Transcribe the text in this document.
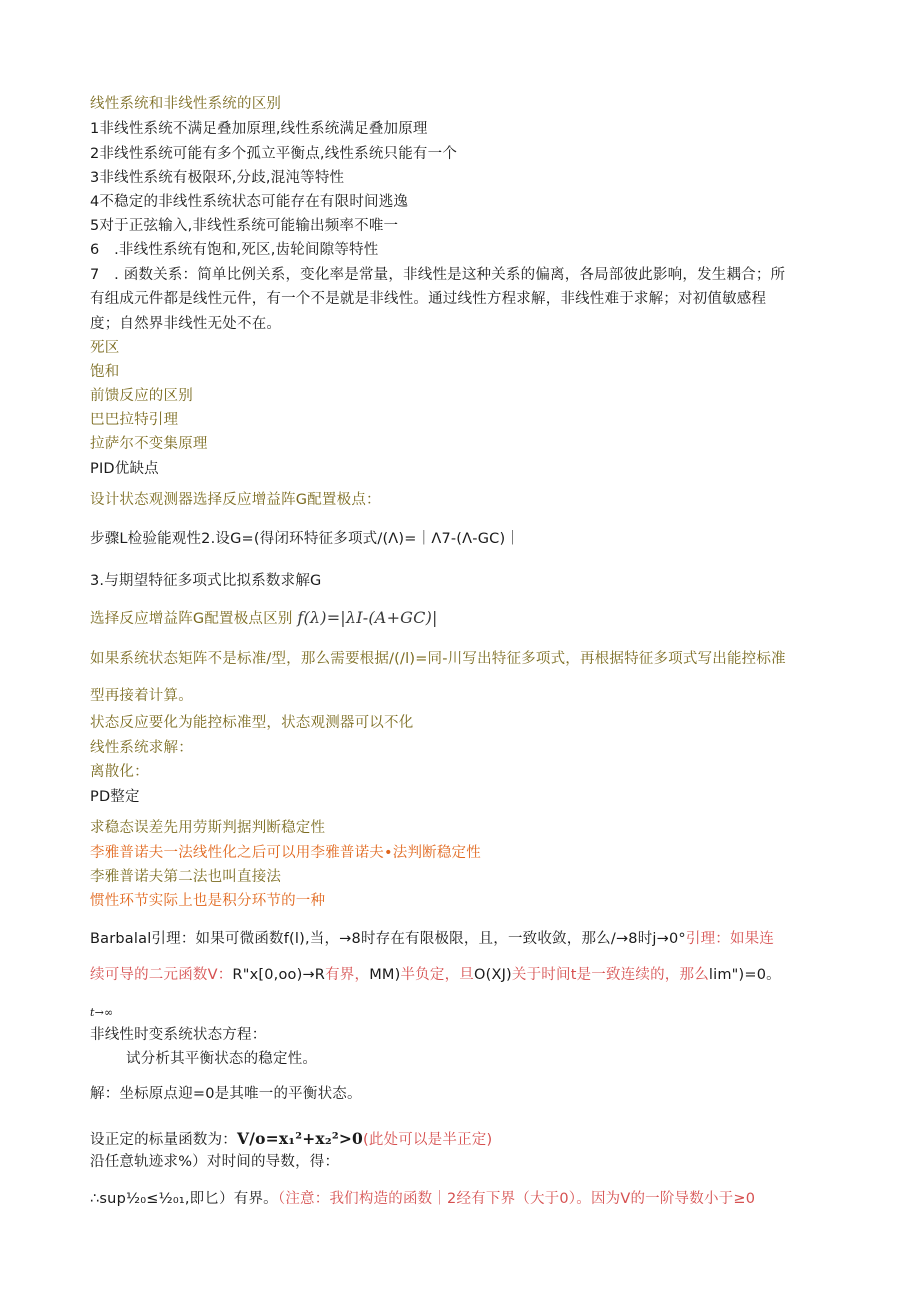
线性系统和非线性系统的区别
1非线性系统不满足叠加原理,线性系统满足叠加原理
2非线性系统可能有多个孤立平衡点,线性系统只能有一个
3非线性系统有极限环,分歧,混沌等特性
4不稳定的非线性系统状态可能存在有限时间逃逸
5对于正弦输入,非线性系统可能输出频率不唯一
6　.非线性系统有饱和,死区,齿轮间隙等特性
7　. 函数关系：简单比例关系，变化率是常量，非线性是这种关系的偏离，各局部彼此影响，发生耦合；所
有组成元件都是线性元件，有一个不是就是非线性。通过线性方程求解，非线性难于求解；对初值敏感程
度；自然界非线性无处不在。
死区
饱和
前馈反应的区别
巴巴拉特引理
拉萨尔不变集原理
PID优缺点
设计状态观测器选择反应增益阵G配置极点：
步骤L检验能观性2.设G=(得闭环特征多项式/(Λ)=｜Λ7-(Λ-GC)｜
3.与期望特征多项式比拟系数求解G
选择反应增益阵G配置极点区别 f(λ)=|λI-(A+GC)|
如果系统状态矩阵不是标准/型，那么需要根据/(/l)=同-川写出特征多项式，再根据特征多项式写出能控标准
型再接着计算。
状态反应要化为能控标准型，状态观测器可以不化
线性系统求解：
离散化：
PD整定
求稳态误差先用劳斯判据判断稳定性
李雅普诺夫一法线性化之后可以用李雅普诺夫•法判断稳定性
李雅普诺夫第二法也叫直接法
惯性环节实际上也是积分环节的一种
Barbalal引理：如果可微函数f(l),当，→8时存在有限极限，且，一致收敛，那么/→8时j→0°引理：如果连
续可导的二元函数V：R"x[0,oo)→R有界，MM)半负定，旦O(XJ)关于时间t是一致连续的，那么lim")=0。
t→∞
非线性时变系统状态方程：
试分析其平衡状态的稳定性。
解：坐标原点迎=0是其唯一的平衡状态。
设正定的标量函数为：V/o=x₁²+x₂²>0(此处可以是半正定)
沿任意轨迹求%）对时间的导数，得：
∴sup½₀≤½₀₁,即匕）有界。（注意：我们构造的函数｜2经有下界（大于0）。因为V的一阶导数小于≥0
